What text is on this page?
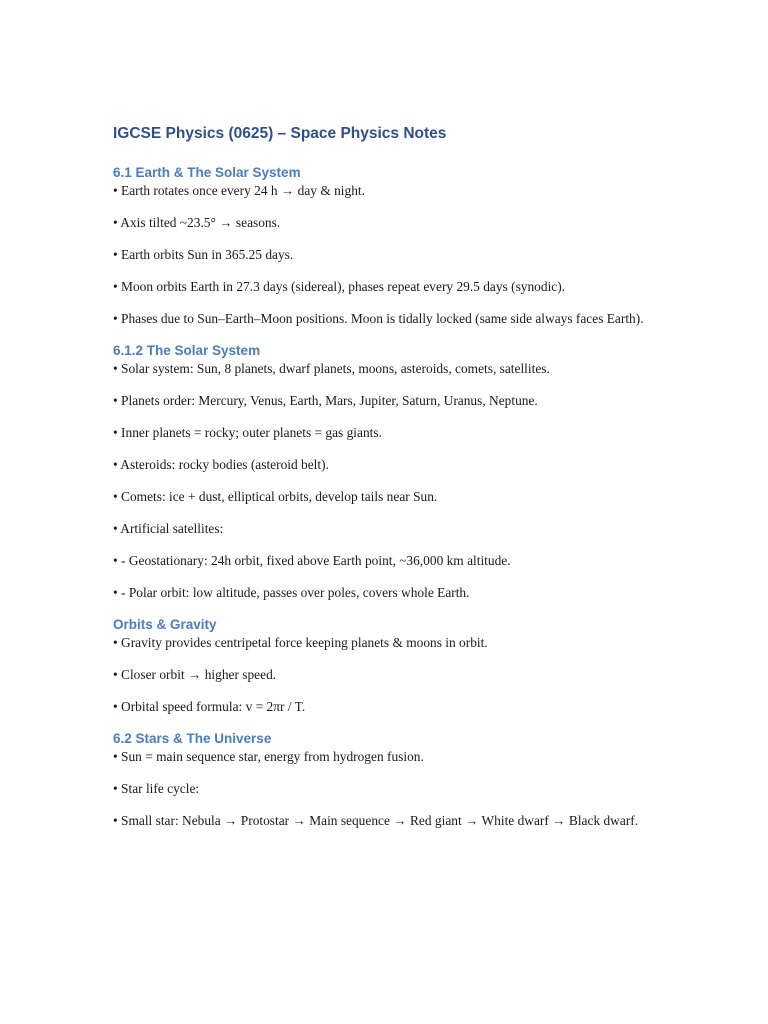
IGCSE Physics (0625) – Space Physics Notes
6.1 Earth & The Solar System

• Earth rotates once every 24 h → day & night.

• Axis tilted ~23.5° → seasons.

• Earth orbits Sun in 365.25 days.

• Moon orbits Earth in 27.3 days (sidereal), phases repeat every 29.5 days (synodic).

• Phases due to Sun–Earth–Moon positions. Moon is tidally locked (same side always faces Earth).

6.1.2 The Solar System

• Solar system: Sun, 8 planets, dwarf planets, moons, asteroids, comets, satellites.

• Planets order: Mercury, Venus, Earth, Mars, Jupiter, Saturn, Uranus, Neptune.

• Inner planets = rocky; outer planets = gas giants.

• Asteroids: rocky bodies (asteroid belt).

• Comets: ice + dust, elliptical orbits, develop tails near Sun.

• Artificial satellites:

• - Geostationary: 24h orbit, fixed above Earth point, ~36,000 km altitude.

• - Polar orbit: low altitude, passes over poles, covers whole Earth.

Orbits & Gravity

• Gravity provides centripetal force keeping planets & moons in orbit.

• Closer orbit → higher speed.

• Orbital speed formula: v = 2πr / T.

6.2 Stars & The Universe

• Sun = main sequence star, energy from hydrogen fusion.

• Star life cycle:

• Small star: Nebula → Protostar → Main sequence → Red giant → White dwarf → Black dwarf.
